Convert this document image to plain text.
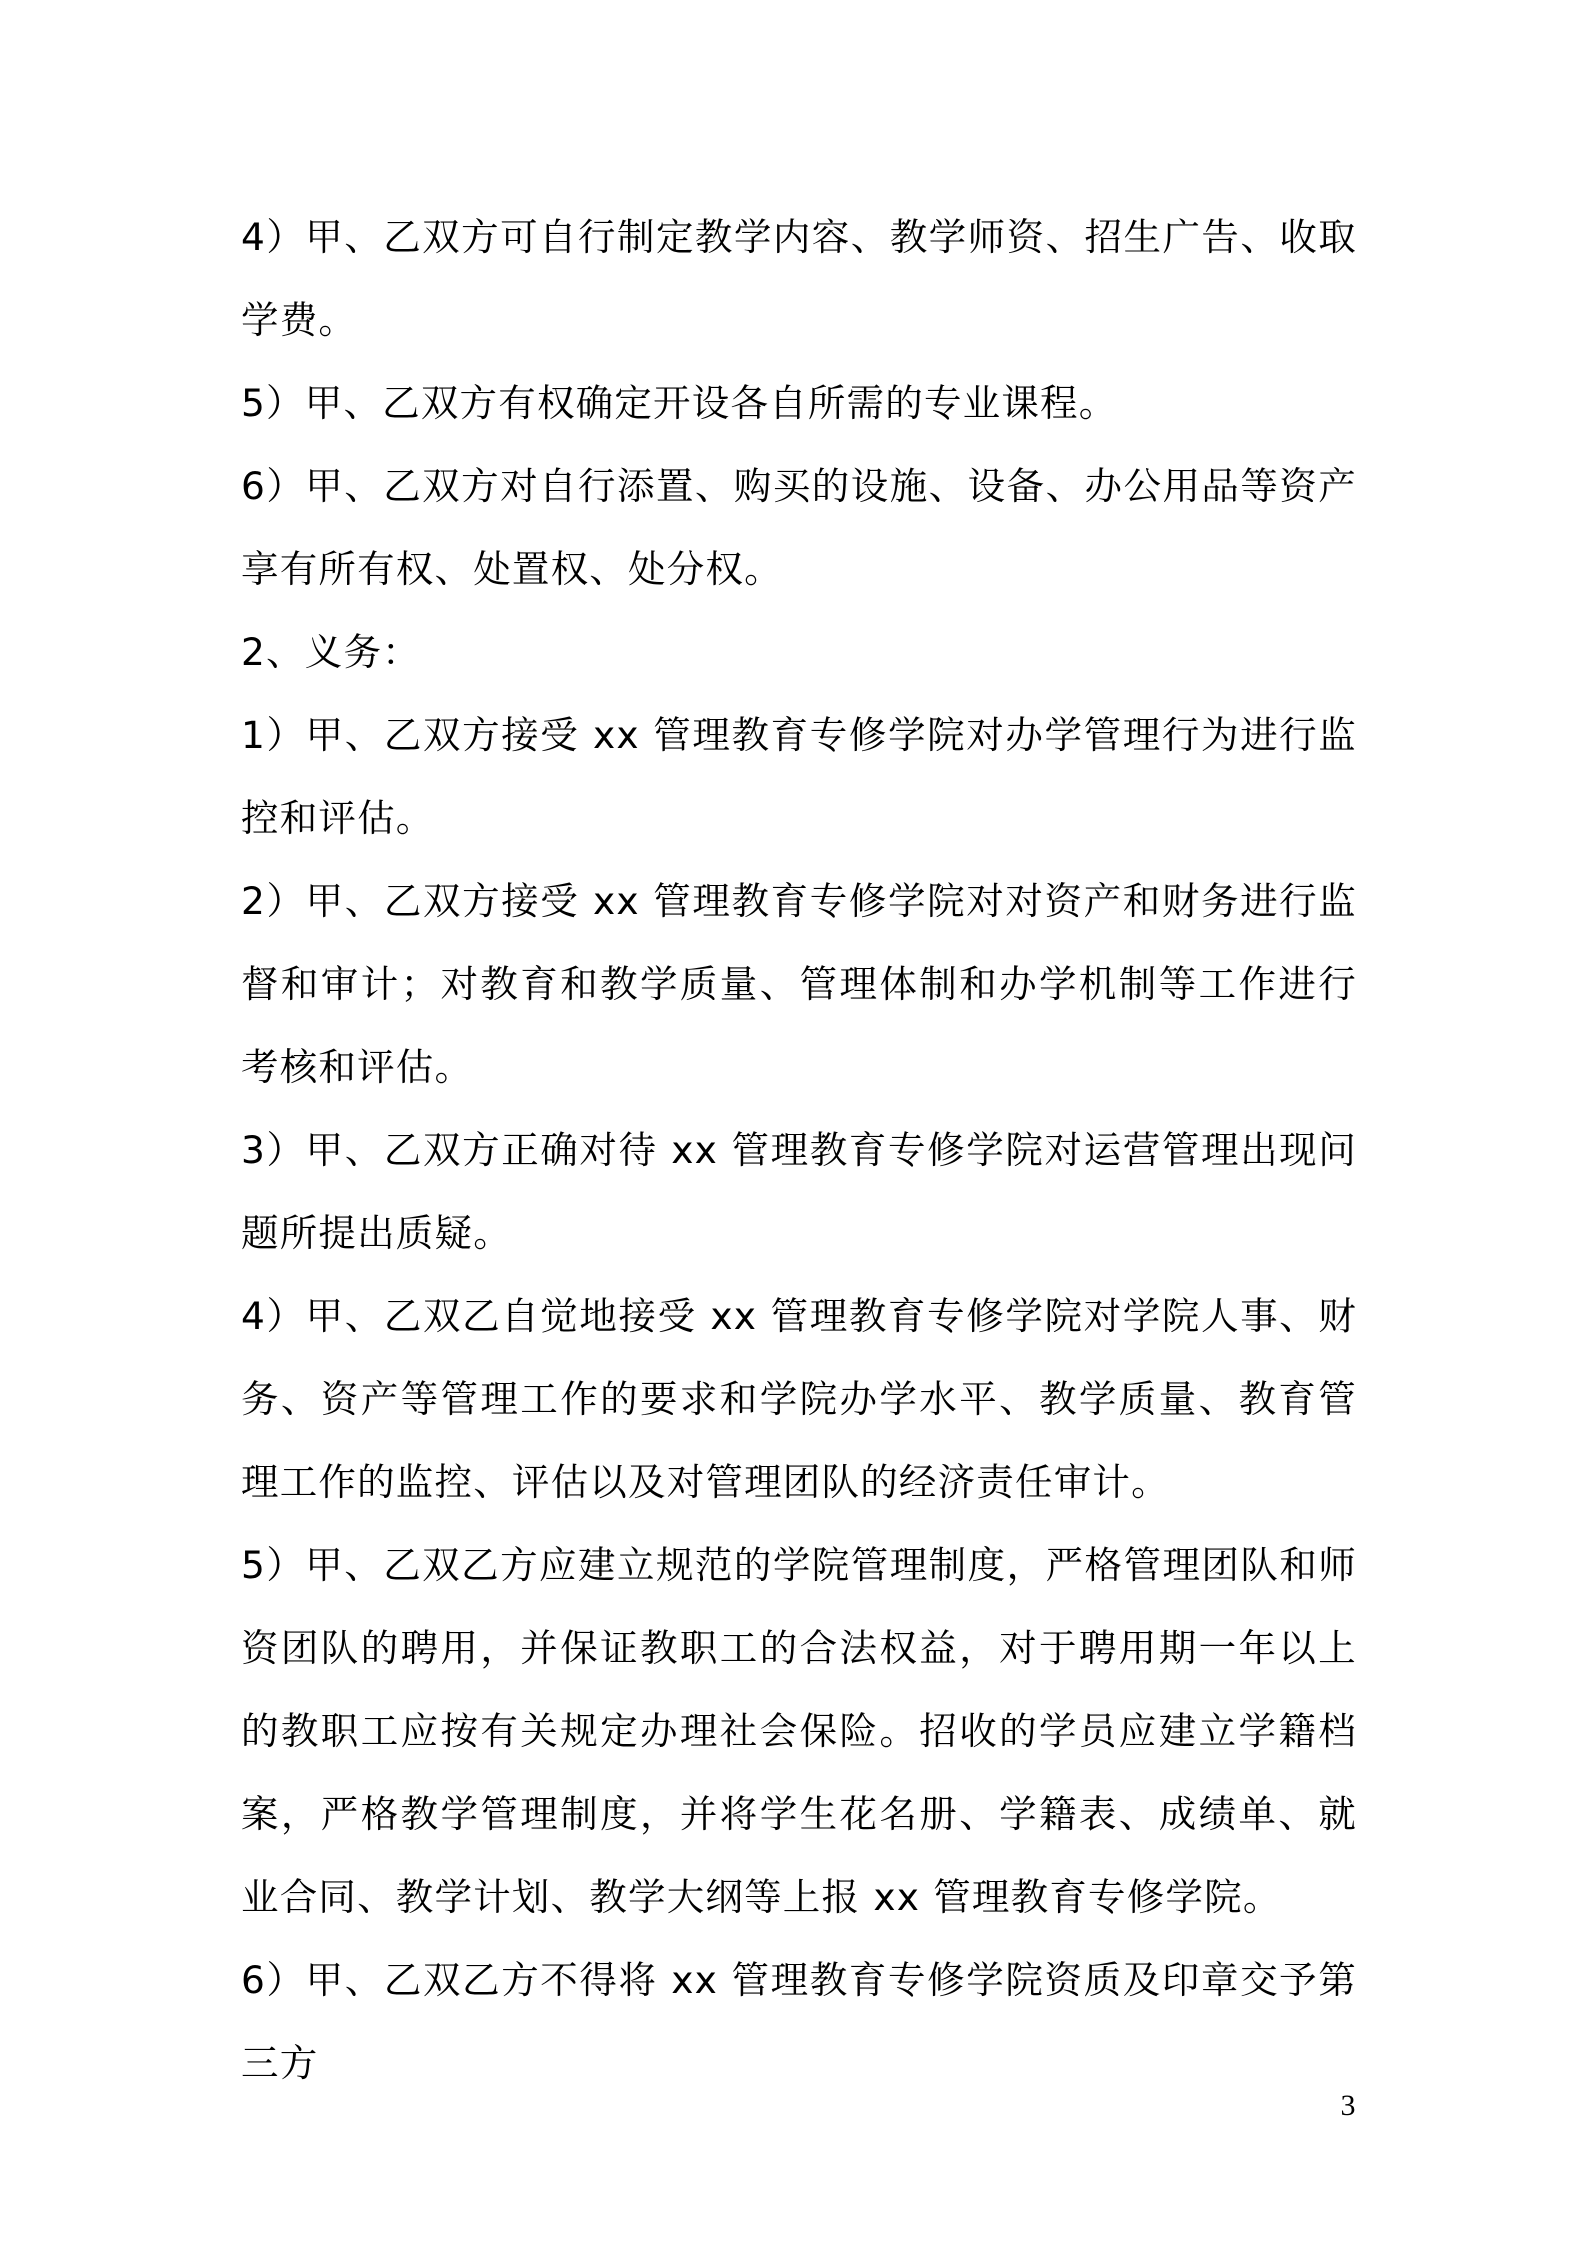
4）甲、乙双方可自行制定教学内容、教学师资、招生广告、收取学费。

5）甲、乙双方有权确定开设各自所需的专业课程。

6）甲、乙双方对自行添置、购买的设施、设备、办公用品等资产享有所有权、处置权、处分权。

2、义务：

1）甲、乙双方接受 xx 管理教育专修学院对办学管理行为进行监控和评估。

2）甲、乙双方接受 xx 管理教育专修学院对对资产和财务进行监督和审计；对教育和教学质量、管理体制和办学机制等工作进行考核和评估。

3）甲、乙双方正确对待 xx 管理教育专修学院对运营管理出现问题所提出质疑。

4）甲、乙双乙自觉地接受 xx 管理教育专修学院对学院人事、财务、资产等管理工作的要求和学院办学水平、教学质量、教育管理工作的监控、评估以及对管理团队的经济责任审计。

5）甲、乙双乙方应建立规范的学院管理制度，严格管理团队和师资团队的聘用，并保证教职工的合法权益，对于聘用期一年以上的教职工应按有关规定办理社会保险。招收的学员应建立学籍档案，严格教学管理制度，并将学生花名册、学籍表、成绩单、就业合同、教学计划、教学大纲等上报 xx 管理教育专修学院。

6）甲、乙双乙方不得将 xx 管理教育专修学院资质及印章交予第三方

3
